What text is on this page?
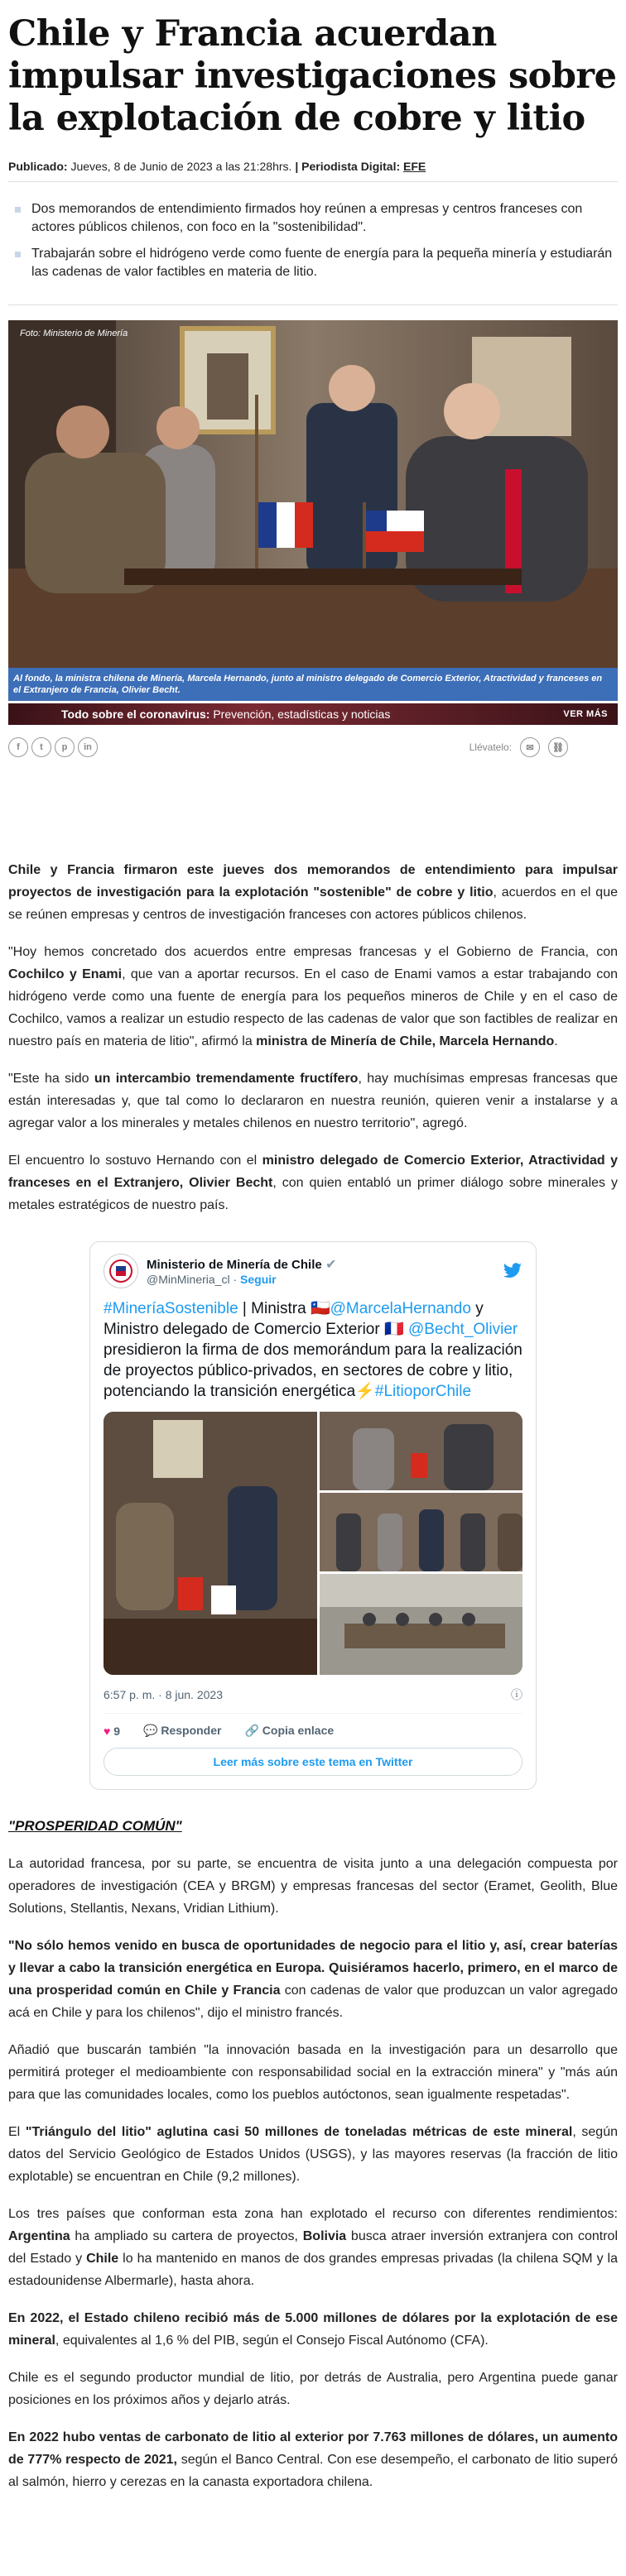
Chile y Francia acuerdan impulsar investigaciones sobre la explotación de cobre y litio
Publicado: Jueves, 8 de Junio de 2023 a las 21:28hrs. | Periodista Digital: EFE
Dos memorandos de entendimiento firmados hoy reúnen a empresas y centros franceses con actores públicos chilenos, con foco en la "sostenibilidad".
Trabajarán sobre el hidrógeno verde como fuente de energía para la pequeña minería y estudiarán las cadenas de valor factibles en materia de litio.
Foto: Ministerio de Minería
Al fondo, la ministra chilena de Minería, Marcela Hernando, junto al ministro delegado de Comercio Exterior, Atractividad y franceses en el Extranjero de Francia, Olivier Becht.
Todo sobre el coronavirus: Prevención, estadísticas y noticias	VER MÁS
f	t	p	in	Llévatelo:	✉	⛓

Chile y Francia firmaron este jueves dos memorandos de entendimiento para impulsar proyectos de investigación para la explotación "sostenible" de cobre y litio, acuerdos en el que se reúnen empresas y centros de investigación franceses con actores públicos chilenos.

"Hoy hemos concretado dos acuerdos entre empresas francesas y el Gobierno de Francia, con Cochilco y Enami, que van a aportar recursos. En el caso de Enami vamos a estar trabajando con hidrógeno verde como una fuente de energía para los pequeños mineros de Chile y en el caso de Cochilco, vamos a realizar un estudio respecto de las cadenas de valor que son factibles de realizar en nuestro país en materia de litio", afirmó la ministra de Minería de Chile, Marcela Hernando.

"Este ha sido un intercambio tremendamente fructífero, hay muchísimas empresas francesas que están interesadas y, que tal como lo declararon en nuestra reunión, quieren venir a instalarse y a agregar valor a los minerales y metales chilenos en nuestro territorio", agregó.

El encuentro lo sostuvo Hernando con el ministro delegado de Comercio Exterior, Atractividad y franceses en el Extranjero, Olivier Becht, con quien entabló un primer diálogo sobre minerales y metales estratégicos de nuestro país.

Ministerio de Minería de Chile ✔
@MinMineria_cl · Seguir
#MineríaSostenible | Ministra 🇨🇱@MarcelaHernando y Ministro delegado de Comercio Exterior 🇫🇷 @Becht_Olivier presidieron la firma de dos memorándum para la realización de proyectos público-privados, en sectores de cobre y litio, potenciando la transición energética⚡#LitioporChile
6:57 p. m. · 8 jun. 2023	ⓘ
♥ 9 💬 Responder 🔗 Copia enlace
Leer más sobre este tema en Twitter
"PROSPERIDAD COMÚN"

La autoridad francesa, por su parte, se encuentra de visita junto a una delegación compuesta por operadores de investigación (CEA y BRGM) y empresas francesas del sector (Eramet, Geolith, Blue Solutions, Stellantis, Nexans, Vridian Lithium).

"No sólo hemos venido en busca de oportunidades de negocio para el litio y, así, crear baterías y llevar a cabo la transición energética en Europa. Quisiéramos hacerlo, primero, en el marco de una prosperidad común en Chile y Francia con cadenas de valor que produzcan un valor agregado acá en Chile y para los chilenos", dijo el ministro francés.

Añadió que buscarán también "la innovación basada en la investigación para un desarrollo que permitirá proteger el medioambiente con responsabilidad social en la extracción minera" y "más aún para que las comunidades locales, como los pueblos autóctonos, sean igualmente respetadas".

El "Triángulo del litio" aglutina casi 50 millones de toneladas métricas de este mineral, según datos del Servicio Geológico de Estados Unidos (USGS), y las mayores reservas (la fracción de litio explotable) se encuentran en Chile (9,2 millones).

Los tres países que conforman esta zona han explotado el recurso con diferentes rendimientos: Argentina ha ampliado su cartera de proyectos, Bolivia busca atraer inversión extranjera con control del Estado y Chile lo ha mantenido en manos de dos grandes empresas privadas (la chilena SQM y la estadounidense Albermarle), hasta ahora.

En 2022, el Estado chileno recibió más de 5.000 millones de dólares por la explotación de ese mineral, equivalentes al 1,6 % del PIB, según el Consejo Fiscal Autónomo (CFA).

Chile es el segundo productor mundial de litio, por detrás de Australia, pero Argentina puede ganar posiciones en los próximos años y dejarlo atrás.

En 2022 hubo ventas de carbonato de litio al exterior por 7.763 millones de dólares, un aumento de 777% respecto de 2021, según el Banco Central. Con ese desempeño, el carbonato de litio superó al salmón, hierro y cerezas en la canasta exportadora chilena.
